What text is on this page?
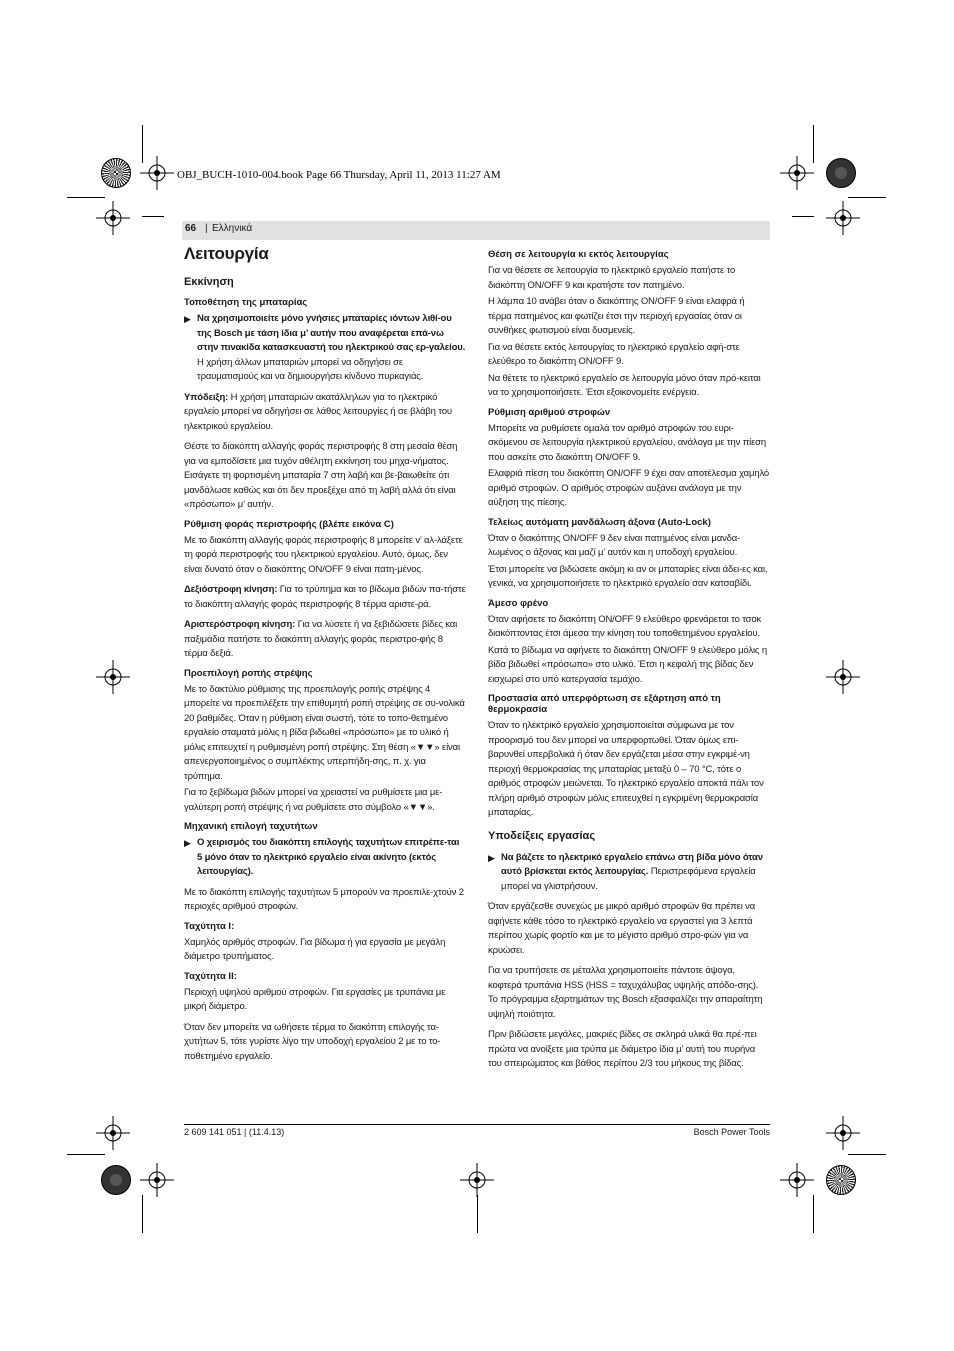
OBJ_BUCH-1010-004.book Page 66 Thursday, April 11, 2013 11:27 AM
66 | Ελληνικά
Λειτουργία
Εκκίνηση
Τοποθέτηση της μπαταρίας
▶ Να χρησιμοποιείτε μόνο γνήσιες μπαταρίες ιόντων λιθί-ου της Bosch με τάση ίδια μ’ αυτήν που αναφέρεται επά-νω στην πινακίδα κατασκευαστή του ηλεκτρικού σας ερ-γαλείου. Η χρήση άλλων μπαταριών μπορεί να οδηγήσει σε τραυματισμούς και να δημιουργήσει κίνδυνο πυρκαγιάς.

Υπόδειξη: Η χρήση μπαταριών ακατάλληλων για το ηλεκτρικό εργαλείο μπορεί να οδηγήσει σε λάθος λειτουργίες ή σε βλάβη του ηλεκτρικού εργαλείου.

Θέστε το διακόπτη αλλαγής φοράς περιστροφής 8 στη μεσαία θέση για να εμποδίσετε μια τυχόν αθέλητη εκκίνηση του μηχα-νήματος. Εισάγετε τη φορτισμένη μπαταρία 7 στη λαβή και βε-βαιωθείτε ότι μανδάλωσε καθώς και ότι δεν προεξέχει από τη λαβή αλλά ότι είναι «πρόσωπο» μ’ αυτήν.

Ρύθμιση φοράς περιστροφής (βλέπε εικόνα C)

Με το διακόπτη αλλαγής φοράς περιστροφής 8 μπορείτε ν’ αλ-λάξετε τη φορά περιστροφής του ηλεκτρικού εργαλείου. Αυτό, όμως, δεν είναι δυνατό όταν ο διακόπτης ON/OFF 9 είναι πατη-μένος.

Δεξιόστροφη κίνηση: Για το τρύπημα και το βίδωμα βιδών πα-τήστε το διακόπτη αλλαγής φοράς περιστροφής 8 τέρμα αριστε-ρά.

Αριστερόστροφη κίνηση: Για να λύσετε ή να ξεβιδώσετε βίδες και παξιμάδια πατήστε το διακόπτη αλλαγής φοράς περιστρο-φής 8 τέρμα δεξιά.

Προεπιλογή ροπής στρέψης

Με το δακτύλιο ρύθμισης της προεπιλογής ροπής στρέψης 4 μπορείτε να προεπιλέξετε την επιθυμητή ροπή στρέψης σε συ-νολικά 20 βαθμίδες. Όταν η ρύθμιση είναι σωστή, τότε το τοπο-θετημένο εργαλείο σταματά μόλις η βίδα βιδωθεί «πρόσωπο» με το υλικό ή μόλις επιτευχτεί η ρυθμισμένη ροπή στρέψης. Στη θέση «▼▼» είναι απενεργοποιημένος ο συμπλέκτης υπερπήδη-σης, π. χ. για τρύπημα.

Για το ξεβίδωμα βιδών μπορεί να χρειαστεί να ρυθμίσετε μια με-γαλύτερη ροπή στρέψης ή να ρυθμίσετε στο σύμβολο «▼▼».

Μηχανική επιλογή ταχυτήτων
▶ Ο χειρισμός του διακόπτη επιλογής ταχυτήτων επιτρέπε-ται 5 μόνο όταν το ηλεκτρικό εργαλείο είναι ακίνητο (εκτός λειτουργίας).

Με το διακόπτη επιλογής ταχυτήτων 5 μπορούν να προεπιλε-χτούν 2 περιοχές αριθμού στροφών.

Ταχύτητα I:

Χαμηλός αριθμός στροφών. Για βίδωμα ή για εργασία με μεγάλη διάμετρο τρυπήματος.

Ταχύτητα II:

Περιοχή υψηλού αριθμού στροφών. Για εργασίες με τρυπάνια με μικρή διάμετρο.

Όταν δεν μπορείτε να ωθήσετε τέρμα το διακόπτη επιλογής τα-χυτήτων 5, τότε γυρίστε λίγο την υποδοχή εργαλείου 2 με το το-ποθετημένο εργαλείο.

Θέση σε λειτουργία κι εκτός λειτουργίας

Για να θέσετε σε λειτουργία το ηλεκτρικό εργαλείο πατήστε το διακόπτη ON/OFF 9 και κρατήστε τον πατημένο.

Η λάμπα 10 ανάβει όταν ο διακόπτης ON/OFF 9 είναι ελαφρά ή τέρμα πατημένος και φωτίζει έτσι την περιοχή εργασίας όταν οι συνθήκες φωτισμού είναι δυσμενείς.

Για να θέσετε εκτός λειτουργίας το ηλεκτρικό εργαλείο αφή-στε ελεύθερο το διακόπτη ON/OFF 9.

Να θέτετε το ηλεκτρικό εργαλείο σε λειτουργία μόνο όταν πρό-κειται να το χρησιμοποιήσετε. Έτσι εξοικονομείτε ενέργεια.

Ρύθμιση αριθμού στροφών

Μπορείτε να ρυθμίσετε ομαλά τον αριθμό στροφών του ευρι-σκόμενου σε λειτουργία ηλεκτρικού εργαλείου, ανάλογα με την πίεση που ασκείτε στο διακόπτη ON/OFF 9.

Ελαφριά πίεση του διακόπτη ON/OFF 9 έχει σαν αποτέλεσμα χαμηλό αριθμό στροφών. Ο αριθμός στροφών αυξάνει ανάλογα με την αύξηση της πίεσης.

Τελείως αυτόματη μανδάλωση άξονα (Auto-Lock)

Όταν ο διακόπτης ON/OFF 9 δεν είναι πατημένος είναι μανδα-λωμένος ο άξονας και μαζί μ’ αυτόν και η υποδοχή εργαλείου.

Έτσι μπορείτε να βιδώσετε ακόμη κι αν οι μπαταρίες είναι άδει-ες και, γενικά, να χρησιμοποιήσετε το ηλεκτρικό εργαλείο σαν κατσαβίδι.

Άμεσο φρένο

Όταν αφήσετε το διακόπτη ON/OFF 9 ελεύθερο φρενάρεται το τσοκ διακόπτοντας έτσι άμεσα την κίνηση του τοποθετημένου εργαλείου.

Κατά το βίδωμα να αφήνετε το διακόπτη ON/OFF 9 ελεύθερο μόλις η βίδα βιδωθεί «πρόσωπο» στο υλικό. Έτσι η κεφαλή της βίδας δεν εισχωρεί στο υπό κατεργασία τεμάχιο.

Προστασία από υπερφόρτωση σε εξάρτηση από τη θερμοκρασία

Όταν το ηλεκτρικό εργαλείο χρησιμοποιείται σύμφωνα με τον προορισμό του δεν μπορεί να υπερφορτωθεί. Όταν όμως επι-βαρυνθεί υπερβολικά ή όταν δεν εργάζεται μέσα στην εγκριμέ-νη περιοχή θερμοκρασίας της μπαταρίας μεταξύ 0 – 70 °C, τότε ο αριθμός στροφών μειώνεται. Το ηλεκτρικό εργαλείο αποκτά πάλι τον πλήρη αριθμό στροφών μόλις επιτευχθεί η εγκριμένη θερμοκρασία μπαταρίας.

Υποδείξεις εργασίας
▶ Να βάζετε το ηλεκτρικό εργαλείο επάνω στη βίδα μόνο όταν αυτό βρίσκεται εκτός λειτουργίας. Περιστρεφόμενα εργαλεία μπορεί να γλιστρήσουν.

Όταν εργάζεσθε συνεχώς με μικρό αριθμό στροφών θα πρέπει να αφήνετε κάθε τόσο το ηλεκτρικό εργαλείο να εργαστεί για 3 λεπτά περίπου χωρίς φορτίο και με το μέγιστο αριθμό στρο-φών για να κρυώσει.

Για να τρυπήσετε σε μέταλλα χρησιμοποιείτε πάντοτε άψογα, κοφτερά τρυπάνια HSS (HSS = ταχυχάλυβας υψηλής απόδο-σης). Το πρόγραμμα εξαρτημάτων της Bosch εξασφαλίζει την απαραίτητη υψηλή ποιότητα.

Πριν βιδώσετε μεγάλες, μακριές βίδες σε σκληρά υλικά θα πρέ-πει πρώτα να ανοίξετε μια τρύπα με διάμετρο ίδια μ’ αυτή του πυρήνα του σπειρώματος και βάθος περίπου 2/3 του μήκους της βίδας.

2 609 141 051 | (11.4.13)	Bosch Power Tools
